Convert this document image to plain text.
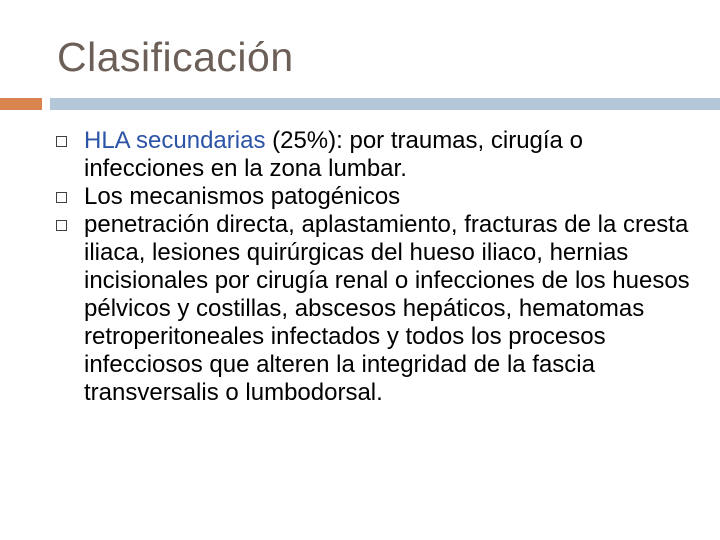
Clasificación
HLA secundarias (25%): por traumas, cirugía o infecciones en la zona lumbar.
Los mecanismos patogénicos
penetración directa, aplastamiento, fracturas de la cresta iliaca, lesiones quirúrgicas del hueso iliaco, hernias incisionales por cirugía renal o infecciones de los huesos pélvicos y costillas, abscesos hepáticos, hematomas retroperitoneales infectados y todos los procesos infecciosos que alteren la integridad de la fascia transversalis o lumbodorsal.
